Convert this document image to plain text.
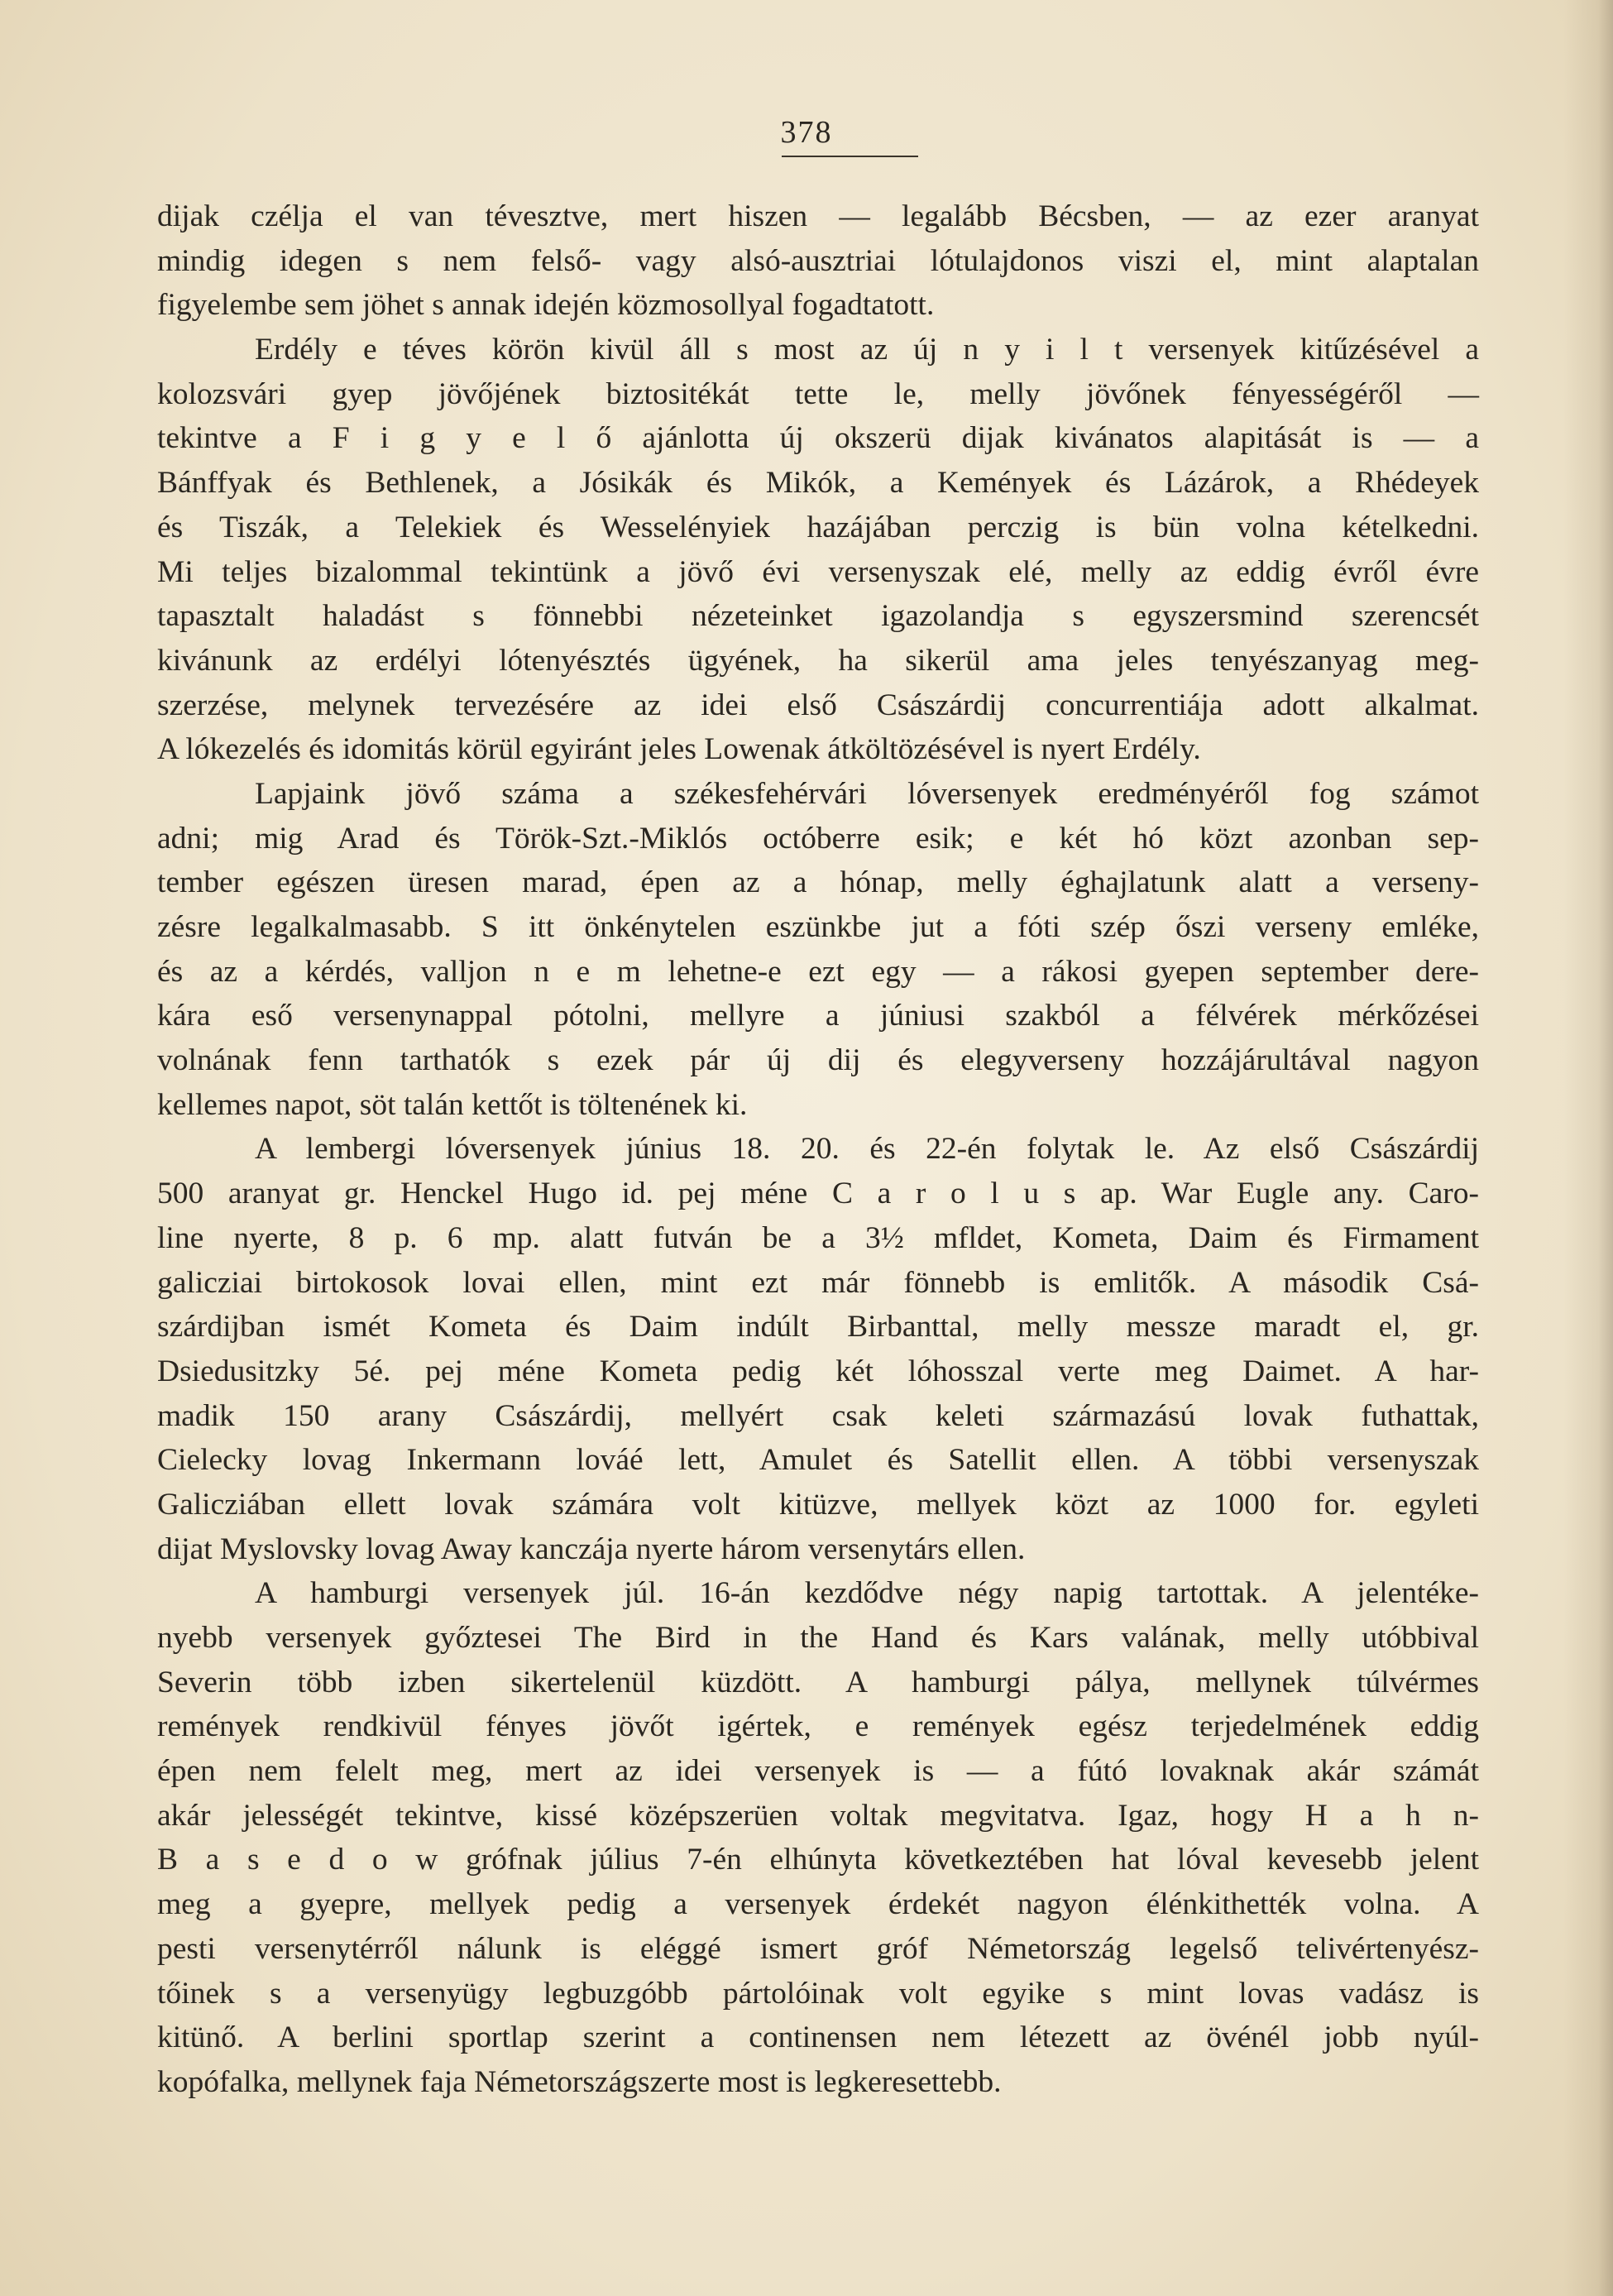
378
dijak czélja el van tévesztve, mert hiszen — legalább Bécsben, — az ezer aranyat
mindig idegen s nem felső- vagy alsó-ausztriai lótulajdonos viszi el, mint alaptalan
figyelembe sem jöhet s annak idején közmosollyal fogadtatott.
Erdély e téves körön kivül áll s most az új n y i l t versenyek kitűzésével a
kolozsvári gyep jövőjének biztositékát tette le, melly jövőnek fényességéről —
tekintve a F i g y e l ő ajánlotta új okszerü dijak kivánatos alapitását is — a
Bánffyak és Bethlenek, a Jósikák és Mikók, a Kemények és Lázárok, a Rhédeyek
és Tiszák, a Telekiek és Wesselényiek hazájában perczig is bün volna kételkedni.
Mi teljes bizalommal tekintünk a jövő évi versenyszak elé, melly az eddig évről évre
tapasztalt haladást s fönnebbi nézeteinket igazolandja s egyszersmind szerencsét
kivánunk az erdélyi lótenyésztés ügyének, ha sikerül ama jeles tenyészanyag meg-
szerzése, melynek tervezésére az idei első Császárdij concurrentiája adott alkalmat.
A lókezelés és idomitás körül egyiránt jeles Lowenak átköltözésével is nyert Erdély.
Lapjaink jövő száma a székesfehérvári lóversenyek eredményéről fog számot
adni; mig Arad és Török-Szt.-Miklós octóberre esik; e két hó közt azonban sep-
tember egészen üresen marad, épen az a hónap, melly éghajlatunk alatt a verseny-
zésre legalkalmasabb. S itt önkénytelen eszünkbe jut a fóti szép őszi verseny emléke,
és az a kérdés, valljon n e m lehetne-e ezt egy — a rákosi gyepen september dere-
kára eső versenynappal pótolni, mellyre a júniusi szakból a félvérek mérkőzései
volnának fenn tarthatók s ezek pár új dij és elegyverseny hozzájárultával nagyon
kellemes napot, söt talán kettőt is töltenének ki.
A lembergi lóversenyek június 18. 20. és 22-én folytak le. Az első Császárdij
500 aranyat gr. Henckel Hugo id. pej méne C a r o l u s ap. War Eugle any. Caro-
line nyerte, 8 p. 6 mp. alatt futván be a 3½ mfldet, Kometa, Daim és Firmament
galicziai birtokosok lovai ellen, mint ezt már fönnebb is emlitők. A második Csá-
szárdijban ismét Kometa és Daim indúlt Birbanttal, melly messze maradt el, gr.
Dsiedusitzky 5é. pej méne Kometa pedig két lóhosszal verte meg Daimet. A har-
madik 150 arany Császárdij, mellyért csak keleti származású lovak futhattak,
Cielecky lovag Inkermann lováé lett, Amulet és Satellit ellen. A többi versenyszak
Galicziában ellett lovak számára volt kitüzve, mellyek közt az 1000 for. egyleti
dijat Myslovsky lovag Away kanczája nyerte három versenytárs ellen.
A hamburgi versenyek júl. 16-án kezdődve négy napig tartottak. A jelentéke-
nyebb versenyek győztesei The Bird in the Hand és Kars valának, melly utóbbival
Severin több izben sikertelenül küzdött. A hamburgi pálya, mellynek túlvérmes
remények rendkivül fényes jövőt igértek, e remények egész terjedelmének eddig
épen nem felelt meg, mert az idei versenyek is — a fútó lovaknak akár számát
akár jelességét tekintve, kissé középszerüen voltak megvitatva. Igaz, hogy H a h n-
B a s e d o w grófnak július 7-én elhúnyta következtében hat lóval kevesebb jelent
meg a gyepre, mellyek pedig a versenyek érdekét nagyon élénkithették volna. A
pesti versenytérről nálunk is eléggé ismert gróf Németország legelső telivértenyész-
tőinek s a versenyügy legbuzgóbb pártolóinak volt egyike s mint lovas vadász is
kitünő. A berlini sportlap szerint a continensen nem létezett az övénél jobb nyúl-
kopófalka, mellynek faja Németországszerte most is legkeresettebb.
